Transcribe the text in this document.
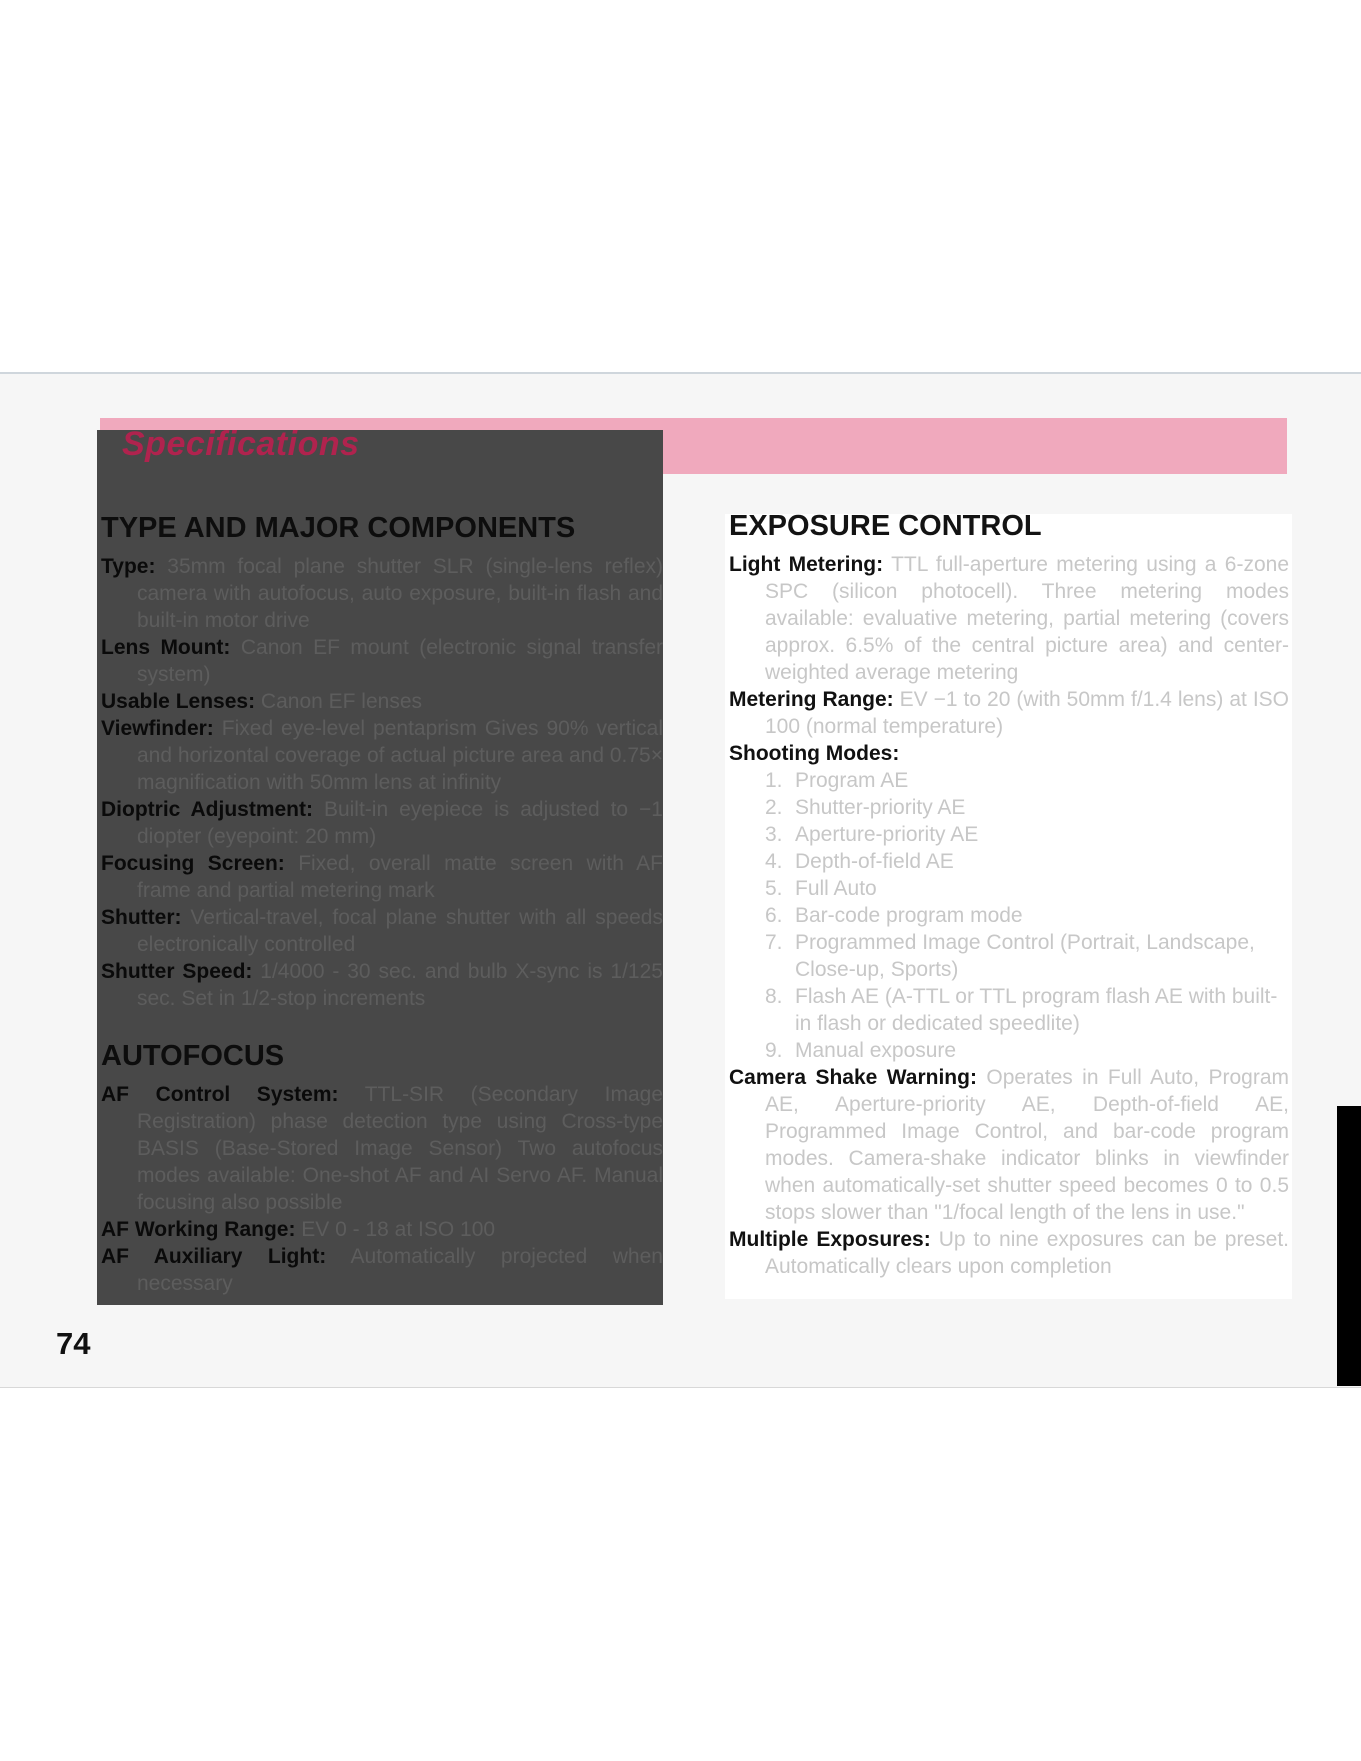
Specifications
TYPE AND MAJOR COMPONENTS

Type: 35mm focal plane shutter SLR (single-lens reflex) camera with autofocus, auto exposure, built-in flash and built-in motor drive

Lens Mount: Canon EF mount (electronic signal transfer system)

Usable Lenses: Canon EF lenses

Viewfinder: Fixed eye-level pentaprism Gives 90% vertical and horizontal coverage of actual picture area and 0.75× magnification with 50mm lens at infinity

Dioptric Adjustment: Built-in eyepiece is adjusted to −1 diopter (eyepoint: 20 mm)

Focusing Screen: Fixed, overall matte screen with AF frame and partial metering mark

Shutter: Vertical-travel, focal plane shutter with all speeds electronically controlled

Shutter Speed: 1/4000 - 30 sec. and bulb X-sync is 1/125 sec. Set in 1/2-stop increments

AUTOFOCUS

AF Control System: TTL-SIR (Secondary Image Registration) phase detection type using Cross-type BASIS (Base-Stored Image Sensor) Two autofocus modes available: One-shot AF and AI Servo AF. Manual focusing also possible

AF Working Range: EV 0 - 18 at ISO 100

AF Auxiliary Light: Automatically projected when necessary

EXPOSURE CONTROL

Light Metering: TTL full-aperture metering using a 6-zone SPC (silicon photocell). Three metering modes available: evaluative metering, partial metering (covers approx. 6.5% of the central picture area) and center-weighted average metering

Metering Range: EV −1 to 20 (with 50mm f/1.4 lens) at ISO 100 (normal temperature)

Shooting Modes:

1. Program AE
2. Shutter-priority AE
3. Aperture-priority AE
4. Depth-of-field AE
5. Full Auto
6. Bar-code program mode
7. Programmed Image Control (Portrait, Landscape, Close-up, Sports)
8. Flash AE (A-TTL or TTL program flash AE with built-in flash or dedicated speedlite)
9. Manual exposure

Camera Shake Warning: Operates in Full Auto, Program AE, Aperture-priority AE, Depth-of-field AE, Programmed Image Control, and bar-code program modes. Camera-shake indicator blinks in viewfinder when automatically-set shutter speed becomes 0 to 0.5 stops slower than "1/focal length of the lens in use."

Multiple Exposures: Up to nine exposures can be preset. Automatically clears upon completion

74
